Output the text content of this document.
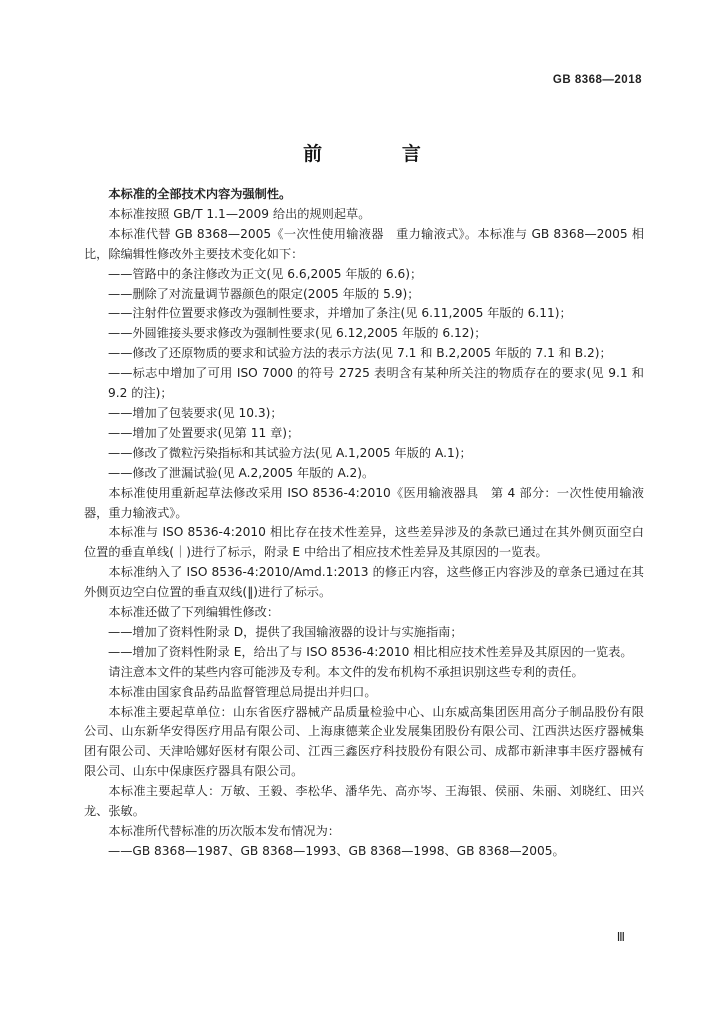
GB 8368—2018
前　言

本标准的全部技术内容为强制性。

本标准按照 GB/T 1.1—2009 给出的规则起草。

本标准代替 GB 8368—2005《一次性使用输液器　重力输液式》。本标准与 GB 8368—2005 相比，除编辑性修改外主要技术变化如下：

——管路中的条注修改为正文(见 6.6,2005 年版的 6.6)；

——删除了对流量调节器颜色的限定(2005 年版的 5.9)；

——注射件位置要求修改为强制性要求，并增加了条注(见 6.11,2005 年版的 6.11)；

——外圆锥接头要求修改为强制性要求(见 6.12,2005 年版的 6.12)；

——修改了还原物质的要求和试验方法的表示方法(见 7.1 和 B.2,2005 年版的 7.1 和 B.2)；

——标志中增加了可用 ISO 7000 的符号 2725 表明含有某种所关注的物质存在的要求(见 9.1 和 9.2 的注)；

——增加了包装要求(见 10.3)；

——增加了处置要求(见第 11 章)；

——修改了微粒污染指标和其试验方法(见 A.1,2005 年版的 A.1)；

——修改了泄漏试验(见 A.2,2005 年版的 A.2)。

本标准使用重新起草法修改采用 ISO 8536-4:2010《医用输液器具　第 4 部分：一次性使用输液器，重力输液式》。

本标准与 ISO 8536-4:2010 相比存在技术性差异，这些差异涉及的条款已通过在其外侧页面空白位置的垂直单线(｜)进行了标示，附录 E 中给出了相应技术性差异及其原因的一览表。

本标准纳入了 ISO 8536-4:2010/Amd.1:2013 的修正内容，这些修正内容涉及的章条已通过在其外侧页边空白位置的垂直双线(‖)进行了标示。

本标准还做了下列编辑性修改：

——增加了资料性附录 D，提供了我国输液器的设计与实施指南；

——增加了资料性附录 E，给出了与 ISO 8536-4:2010 相比相应技术性差异及其原因的一览表。

请注意本文件的某些内容可能涉及专利。本文件的发布机构不承担识别这些专利的责任。

本标准由国家食品药品监督管理总局提出并归口。

本标准主要起草单位：山东省医疗器械产品质量检验中心、山东威高集团医用高分子制品股份有限公司、山东新华安得医疗用品有限公司、上海康德莱企业发展集团股份有限公司、江西洪达医疗器械集团有限公司、天津哈娜好医材有限公司、江西三鑫医疗科技股份有限公司、成都市新津事丰医疗器械有限公司、山东中保康医疗器具有限公司。

本标准主要起草人：万敏、王毅、李松华、潘华先、高亦岑、王海银、侯丽、朱丽、刘晓红、田兴龙、张敏。

本标准所代替标准的历次版本发布情况为：

——GB 8368—1987、GB 8368—1993、GB 8368—1998、GB 8368—2005。

Ⅲ
